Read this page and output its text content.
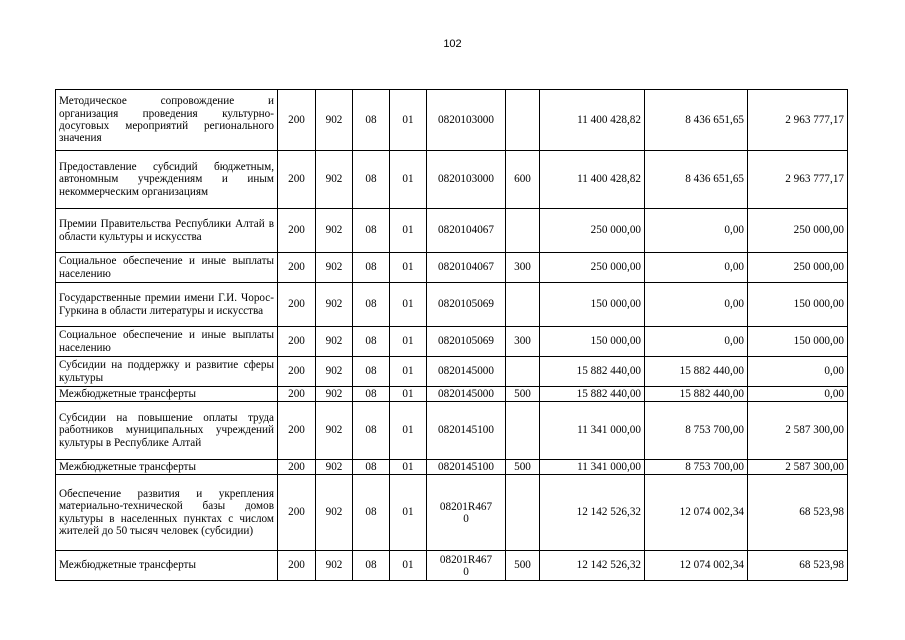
102
Методическое сопровождение и организация проведения культурно-досуговых мероприятий регионального значения	200	902	08	01	0820103000		11 400 428,82	8 436 651,65	2 963 777,17
Предоставление субсидий бюджетным, автономным учреждениям и иным некоммерческим организациям	200	902	08	01	0820103000	600	11 400 428,82	8 436 651,65	2 963 777,17
Премии Правительства Республики Алтай в области культуры и искусства	200	902	08	01	0820104067		250 000,00	0,00	250 000,00
Социальное обеспечение и иные выплаты населению	200	902	08	01	0820104067	300	250 000,00	0,00	250 000,00
Государственные премии имени Г.И. Чорос-Гуркина в области литературы и искусства	200	902	08	01	0820105069		150 000,00	0,00	150 000,00
Социальное обеспечение и иные выплаты населению	200	902	08	01	0820105069	300	150 000,00	0,00	150 000,00
Субсидии на поддержку и развитие сферы культуры	200	902	08	01	0820145000		15 882 440,00	15 882 440,00	0,00
Межбюджетные трансферты	200	902	08	01	0820145000	500	15 882 440,00	15 882 440,00	0,00
Субсидии на повышение оплаты труда работников муниципальных учреждений культуры в Республике Алтай	200	902	08	01	0820145100		11 341 000,00	8 753 700,00	2 587 300,00
Межбюджетные трансферты	200	902	08	01	0820145100	500	11 341 000,00	8 753 700,00	2 587 300,00
Обеспечение развития и укрепления материально-технической базы домов культуры в населенных пунктах с числом жителей до 50 тысяч человек (субсидии)	200	902	08	01	08201R4670		12 142 526,32	12 074 002,34	68 523,98
Межбюджетные трансферты	200	902	08	01	08201R4670	500	12 142 526,32	12 074 002,34	68 523,98
